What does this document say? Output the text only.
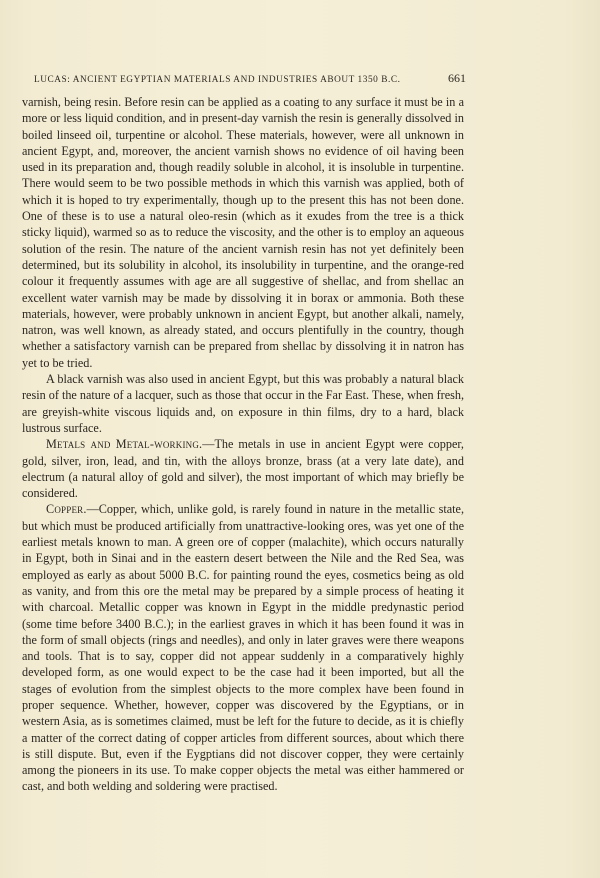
LUCAS: ANCIENT EGYPTIAN MATERIALS AND INDUSTRIES ABOUT 1350 B.C.	661

varnish, being resin. Before resin can be applied as a coating to any surface it must be in a more or less liquid condition, and in present-day varnish the resin is generally dissolved in boiled linseed oil, turpentine or alcohol. These materials, however, were all unknown in ancient Egypt, and, moreover, the ancient varnish shows no evidence of oil having been used in its preparation and, though readily soluble in alcohol, it is insoluble in turpentine. There would seem to be two possible methods in which this varnish was applied, both of which it is hoped to try experimentally, though up to the present this has not been done. One of these is to use a natural oleo-resin (which as it exudes from the tree is a thick sticky liquid), warmed so as to reduce the viscosity, and the other is to employ an aqueous solution of the resin. The nature of the ancient varnish resin has not yet definitely been determined, but its solubility in alcohol, its insolubility in turpentine, and the orange-red colour it frequently assumes with age are all suggestive of shellac, and from shellac an excellent water varnish may be made by dissolving it in borax or ammonia. Both these materials, however, were probably unknown in ancient Egypt, but another alkali, namely, natron, was well known, as already stated, and occurs plentifully in the country, though whether a satisfactory varnish can be prepared from shellac by dissolving it in natron has yet to be tried.

A black varnish was also used in ancient Egypt, but this was probably a natural black resin of the nature of a lacquer, such as those that occur in the Far East. These, when fresh, are greyish-white viscous liquids and, on exposure in thin films, dry to a hard, black lustrous surface.

Metals and Metal-working.—The metals in use in ancient Egypt were copper, gold, silver, iron, lead, and tin, with the alloys bronze, brass (at a very late date), and electrum (a natural alloy of gold and silver), the most important of which may briefly be considered.

Copper.—Copper, which, unlike gold, is rarely found in nature in the metallic state, but which must be produced artificially from unattractive-looking ores, was yet one of the earliest metals known to man. A green ore of copper (malachite), which occurs naturally in Egypt, both in Sinai and in the eastern desert between the Nile and the Red Sea, was employed as early as about 5000 B.C. for painting round the eyes, cosmetics being as old as vanity, and from this ore the metal may be prepared by a simple process of heating it with charcoal. Metallic copper was known in Egypt in the middle predynastic period (some time before 3400 B.C.); in the earliest graves in which it has been found it was in the form of small objects (rings and needles), and only in later graves were there weapons and tools. That is to say, copper did not appear suddenly in a comparatively highly developed form, as one would expect to be the case had it been imported, but all the stages of evolution from the simplest objects to the more complex have been found in proper sequence. Whether, however, copper was discovered by the Egyptians, or in western Asia, as is sometimes claimed, must be left for the future to decide, as it is chiefly a matter of the correct dating of copper articles from different sources, about which there is still dispute. But, even if the Eygptians did not discover copper, they were certainly among the pioneers in its use. To make copper objects the metal was either hammered or cast, and both welding and soldering were practised.
